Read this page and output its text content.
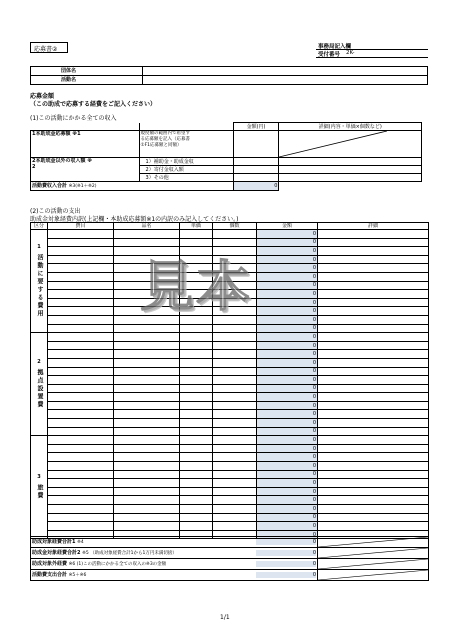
応募書②	事務局記入欄
受付番号 2K-
団体名	
活動名	
応募金額
（この助成で応募する経費をご記入ください）
(1)この活動にかかる全ての収入
		金額(円)	詳細(内容・単価×個数など)
1本助成金応募額 ※1	規度額の範囲内で希望す
る応募額を記入（応募書
①F1応募額と同額）

2本助成金以外の収入額 ※
2	1）補助金・助成金収		
	2）寄付金収入額		
	3）その他		
活動費収入合計 ※3(※1＋※2)		0	
(2)この活動の支出
助成金対象経費内訳(上記欄・本助成応募額※1の内訳のみ記入してください。)
区分	費目	品名	単価	個数	金額	詳細

1
活動に要する費用					0	
					0	
					0	
					0	
					0	
					0	
					0	
					0	
					0	
					0	
					0	
					0	

2
拠点設置費					0	
					0	
					0	
					0	
					0	
					0	
					0	
					0	
					0	
					0	
					0	
					0	

3
旅費					0	
					0	
					0	
					0	
					0	
					0	
					0	
					0	
					0	
					0	
					0	
					0	
助成対象経費合計1 ※4 0

助成金対象経費合計2 ※5 （助成対象経費合計1から1万円未満切捨） 0

助成対象外経費 ※6 (1)この活動にかかる全ての収入の※3の金額 0

活動費支出合計 ※5＋※6 0

見本
1/1
